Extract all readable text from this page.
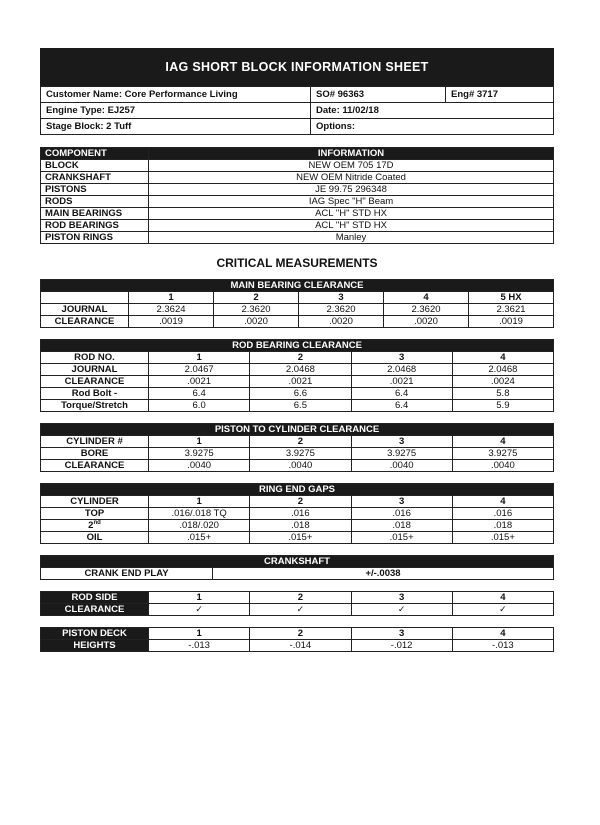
IAG SHORT BLOCK INFORMATION SHEET
Customer Name: Core Performance Living	SO# 96363	Eng# 3717
Engine Type: EJ257	Date: 11/02/18	
Stage Block: 2 Tuff	Options:	
COMPONENT	INFORMATION
BLOCK	NEW OEM 705 17D
CRANKSHAFT	NEW OEM Nitride Coated
PISTONS	JE 99.75 296348
RODS	IAG Spec "H" Beam
MAIN BEARINGS	ACL "H" STD HX
ROD BEARINGS	ACL "H" STD HX
PISTON RINGS	Manley
CRITICAL MEASUREMENTS
MAIN BEARING CLEARANCE					
	1	2	3	4	5 HX
JOURNAL	2.3624	2.3620	2.3620	2.3620	2.3621
CLEARANCE	.0019	.0020	.0020	.0020	.0019
ROD BEARING CLEARANCE				
ROD NO.	1	2	3	4
JOURNAL	2.0467	2.0468	2.0468	2.0468
CLEARANCE	.0021	.0021	.0021	.0024
Rod Bolt -	6.4	6.6	6.4	5.8
Torque/Stretch	6.0	6.5	6.4	5.9
PISTON TO CYLINDER CLEARANCE				
CYLINDER #	1	2	3	4
BORE	3.9275	3.9275	3.9275	3.9275
CLEARANCE	.0040	.0040	.0040	.0040
RING END GAPS				
CYLINDER	1	2	3	4
TOP	.016/.018 TQ	.016	.016	.016
2nd	.018/.020	.018	.018	.018
OIL	.015+	.015+	.015+	.015+
CRANKSHAFT
CRANK END PLAY	+/-.0038
ROD SIDE	1	2	3	4
CLEARANCE	✓	✓	✓	✓
PISTON DECK	1	2	3	4
HEIGHTS	-.013	-.014	-.012	-.013
